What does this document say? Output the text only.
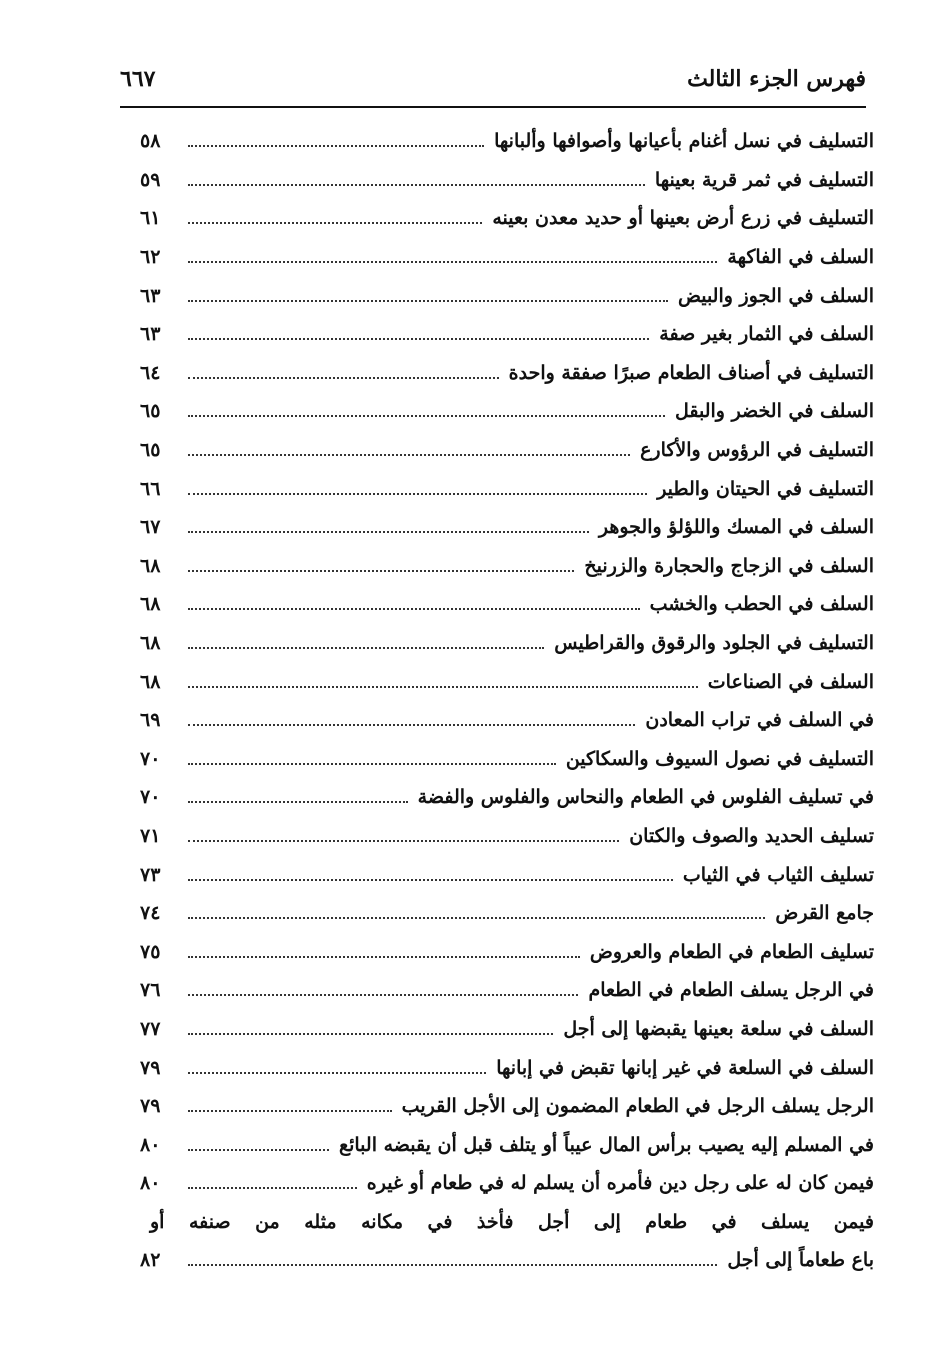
فهرس الجزء الثالث
٦٦٧
التسليف في نسل أغنام بأعيانها وأصوافها وألبانها
٥٨
التسليف في ثمر قرية بعينها
٥٩
التسليف في زرع أرض بعينها أو حديد معدن بعينه
٦١
السلف في الفاكهة
٦٢
السلف في الجوز والبيض
٦٣
السلف في الثمار بغير صفة
٦٣
التسليف في أصناف الطعام صبرًا صفقة واحدة
٦٤
السلف في الخضر والبقل
٦٥
التسليف في الرؤوس والأكارع
٦٥
التسليف في الحيتان والطير
٦٦
السلف في المسك واللؤلؤ والجوهر
٦٧
السلف في الزجاج والحجارة والزرنيخ
٦٨
السلف في الحطب والخشب
٦٨
التسليف في الجلود والرقوق والقراطيس
٦٨
السلف في الصناعات
٦٨
في السلف في تراب المعادن
٦٩
التسليف في نصول السيوف والسكاكين
٧٠
في تسليف الفلوس في الطعام والنحاس والفلوس والفضة
٧٠
تسليف الحديد والصوف والكتان
٧١
تسليف الثياب في الثياب
٧٣
جامع القرض
٧٤
تسليف الطعام في الطعام والعروض
٧٥
في الرجل يسلف الطعام في الطعام
٧٦
السلف في سلعة بعينها يقبضها إلى أجل
٧٧
السلف في السلعة في غير إبانها تقبض في إبانها
٧٩
الرجل يسلف الرجل في الطعام المضمون إلى الأجل القريب
٧٩
في المسلم إليه يصيب برأس المال عيباً أو يتلف قبل أن يقبضه البائع
٨٠
فيمن كان له على رجل دين فأمره أن يسلم له في طعام أو غيره
٨٠
فيمن يسلف في طعام إلى أجل فأخذ في مكانه مثله من صنفه أو
باع طعاماً إلى أجل
٨٢
